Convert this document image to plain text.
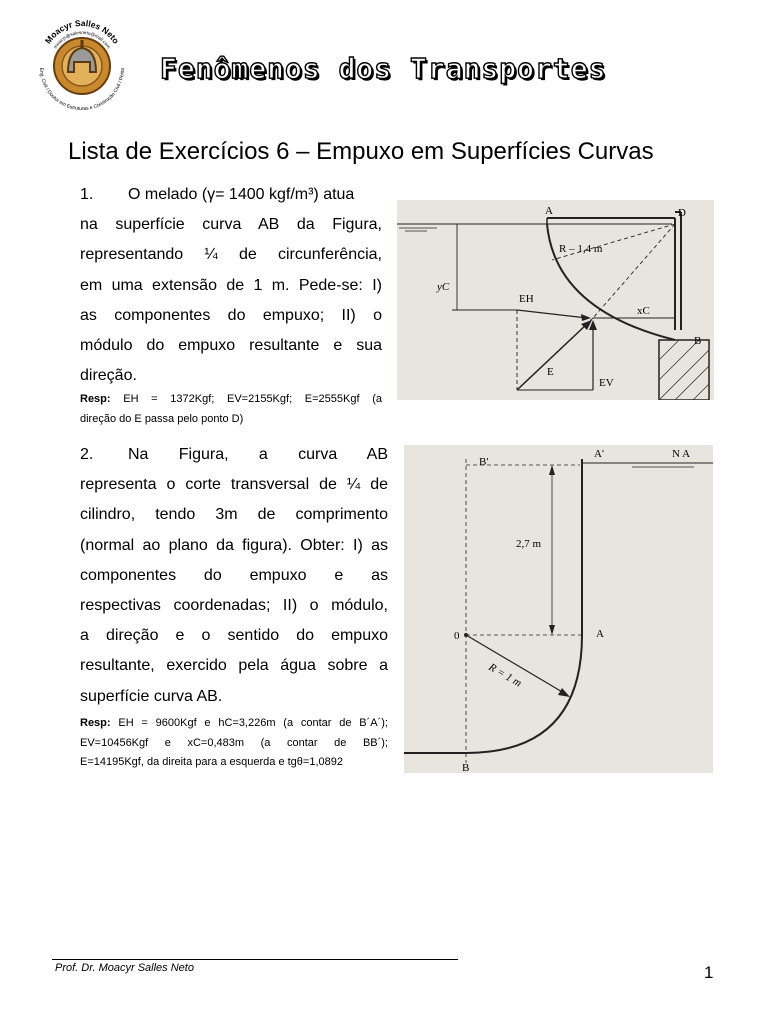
Moacyr Salles Neto
moacyr@salesneto@mail.com
Eng. Civil / Doutor em Estruturas e Construção Civil / Perito Fenômenos dos Transportes
Lista de Exercícios 6 – Empuxo em Superfícies Curvas
1. O melado (γ= 1400 kgf/m³) atua
na superfície curva AB da Figura,
representando ¼ de circunferência,
em uma extensão de 1 m. Pede-se: I)
as componentes do empuxo; II) o
módulo do empuxo resultante e sua
direção.
Resp: EH = 1372Kgf; EV=2155Kgf; E=2555Kgf (a
direção do E passa pelo ponto D)
A	D
B
R – 1,4 m
yC
EH
xC
E
EV
2. Na Figura, a curva AB
representa o corte transversal de ¼ de
cilindro, tendo 3m de comprimento
(normal ao plano da figura). Obter: I) as
componentes do empuxo e as
respectivas coordenadas; II) o módulo,
a direção e o sentido do empuxo
resultante, exercido pela água sobre a
superfície curva AB.
Resp: EH = 9600Kgf e hC=3,226m (a contar de B´A´);
EV=10456Kgf e xC=0,483m (a contar de BB´);
E=14195Kgf, da direita para a esquerda e tgθ=1,0892
B'
A'	N A
2,7 m
0	A
R = 1 m
B
Prof. Dr. Moacyr Salles Neto	1
